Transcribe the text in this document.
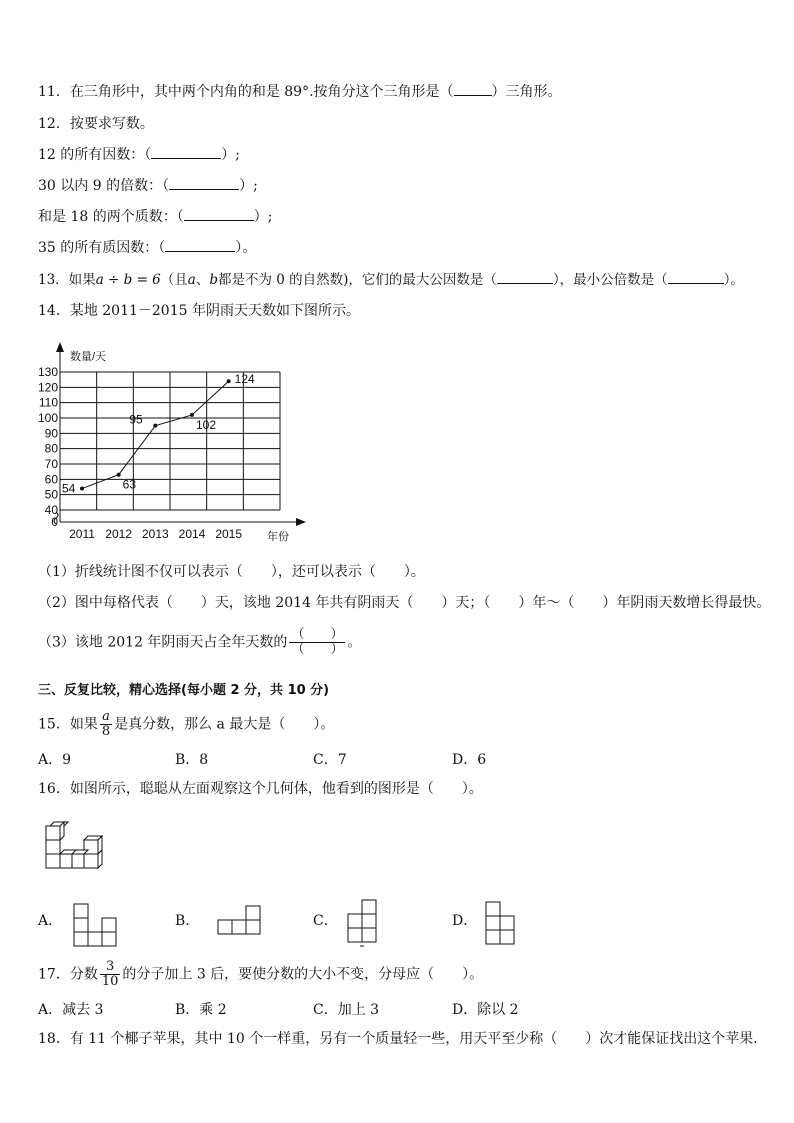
11．在三角形中，其中两个内角的和是 89°.按角分这个三角形是（	）三角形。
12．按要求写数。
12 的所有因数：（	）;
30 以内 9 的倍数：（	）;
和是 18 的两个质数：（	）;
35 的所有质因数：（	）。
13．如果a ÷ b = 6（且a、b都是不为 0 的自然数)，它们的最大公因数是（	），最小公倍数是（	）。
14．某地 2011－2015 年阴雨天天数如下图所示。
0
40
50
60
70
80
90
100
110
120
130
数量/天
年份
54	63
95	102
124
2011 2012 2013 2014 2015
（1）折线统计图不仅可以表示（　　），还可以表示（　　）。
（2）图中每格代表（　　）天，该地 2014 年共有阴雨天（　　）天；（　　）年～（　　）年阴雨天数增长得最快。
（3）该地 2012 年阴雨天占全年天数的 $\frac{( )}{( )}$ 。
三、反复比较，精心选择(每小题 2 分，共 10 分)
15．如果 $\frac{a}{8}$ 是真分数，那么 a 最大是（　　）。
A．9	B．8	C．7	D．6
16．如图所示，聪聪从左面观察这个几何体，他看到的图形是（　　）。
A．	B．	C．	D．
17．分数 $\frac{3}{10}$ 的分子加上 3 后，要使分数的大小不变，分母应（　　）。
A．减去 3	B．乘 2	C．加上 3	D．除以 2
18．有 11 个椰子苹果，其中 10 个一样重，另有一个质量轻一些，用天平至少称（　　）次才能保证找出这个苹果．
